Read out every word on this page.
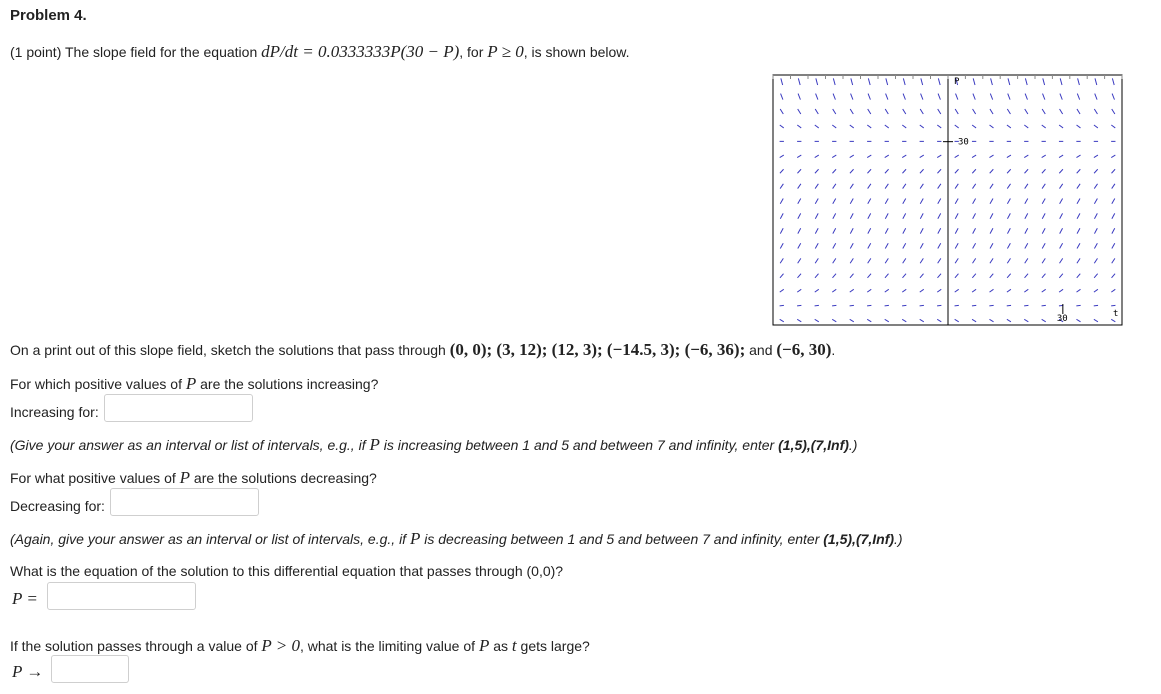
Problem 4.
(1 point) The slope field for the equation dP/dt = 0.0333333P(30 − P), for P ≥ 0, is shown below.
P
30
t
30
On a print out of this slope field, sketch the solutions that pass through (0, 0); (3, 12); (12, 3); (−14.5, 3); (−6, 36); and (−6, 30).
For which positive values of P are the solutions increasing?
Increasing for:
(Give your answer as an interval or list of intervals, e.g., if P is increasing between 1 and 5 and between 7 and infinity, enter (1,5),(7,Inf).)
For what positive values of P are the solutions decreasing?
Decreasing for:
(Again, give your answer as an interval or list of intervals, e.g., if P is decreasing between 1 and 5 and between 7 and infinity, enter (1,5),(7,Inf).)
What is the equation of the solution to this differential equation that passes through (0,0)?
P =
If the solution passes through a value of P > 0, what is the limiting value of P as t gets large?
P →
